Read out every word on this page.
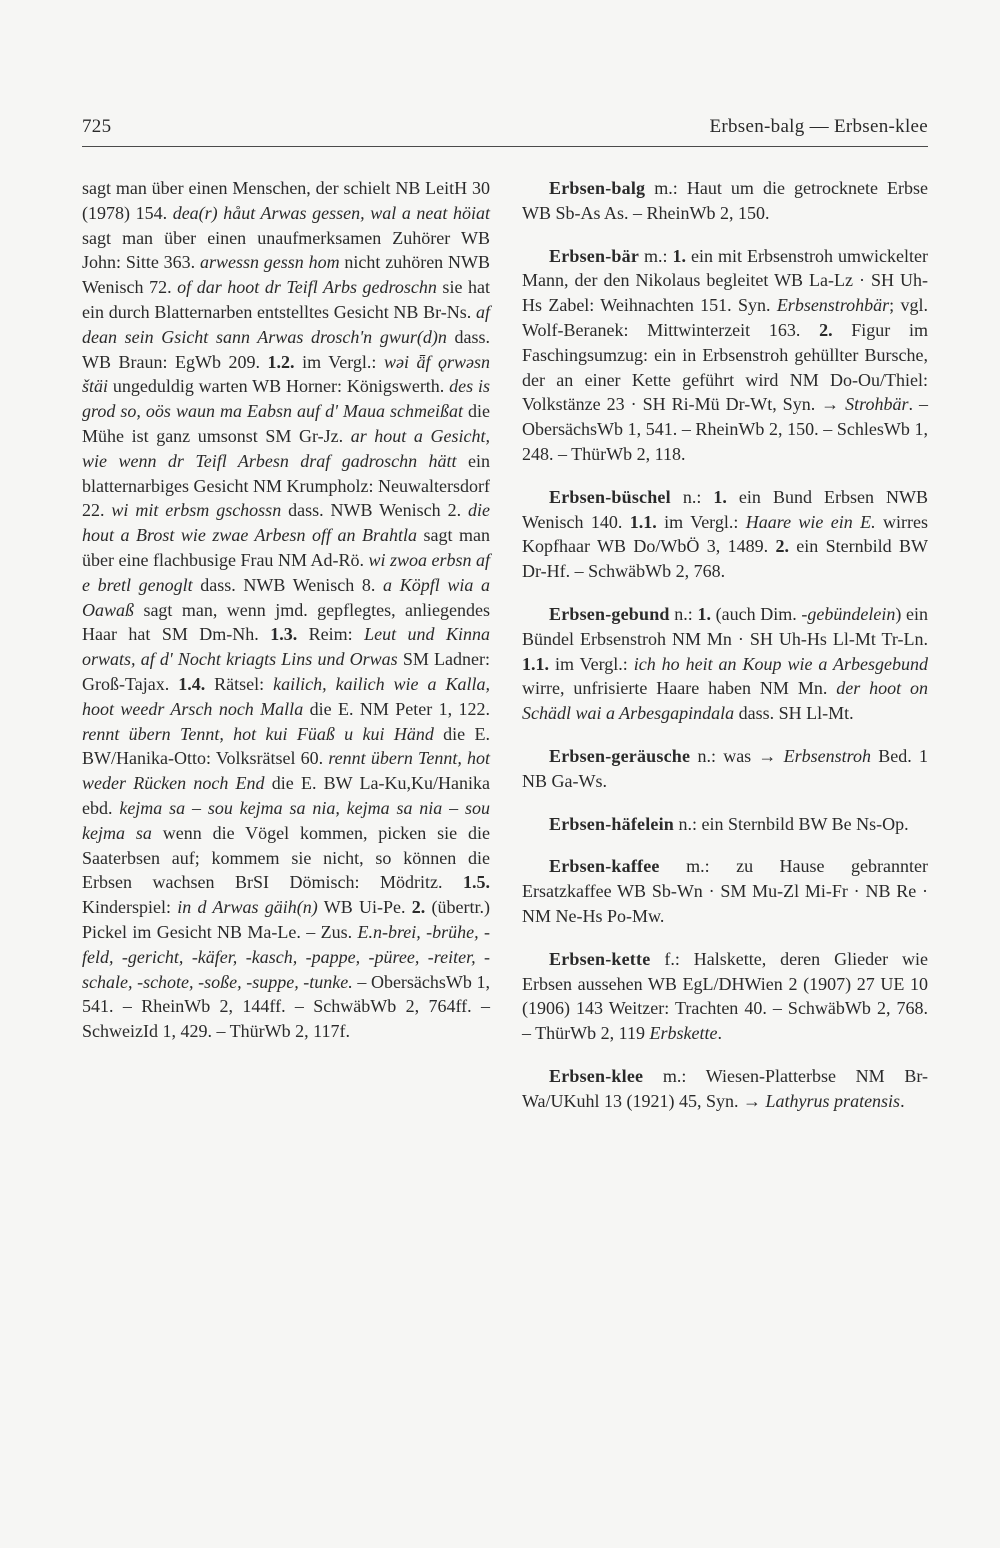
725	Erbsen-balg — Erbsen-klee

sagt man über einen Menschen, der schielt NB LeitH 30 (1978) 154. dea(r) håut Arwas gessen, wal a neat höiat sagt man über einen unaufmerksamen Zuhörer WB John: Sitte 363. arwessn gessn hom nicht zuhören NWB Wenisch 72. of dar hoot dr Teifl Arbs gedroschn sie hat ein durch Blatternarben entstelltes Gesicht NB Br-Ns. af dean sein Gsicht sann Arwas drosch'n gwur(d)n dass. WB Braun: EgWb 209. 1.2. im Vergl.: wǝi ǟf ǫrwǝsn štäi ungeduldig warten WB Horner: Königswerth. des is grod so, oös waun ma Eabsn auf d' Maua schmeißat die Mühe ist ganz umsonst SM Gr-Jz. ar hout a Gesicht, wie wenn dr Teifl Arbesn draf gadroschn hätt ein blatternarbiges Gesicht NM Krumpholz: Neuwaltersdorf 22. wi mit erbsm gschossn dass. NWB Wenisch 2. die hout a Brost wie zwae Arbesn off an Brahtla sagt man über eine flachbusige Frau NM Ad-Rö. wi zwoa erbsn af e bretl genoglt dass. NWB Wenisch 8. a Köpfl wia a Oawaß sagt man, wenn jmd. gepflegtes, anliegendes Haar hat SM Dm-Nh. 1.3. Reim: Leut und Kinna orwats, af d' Nocht kriagts Lins und Orwas SM Ladner: Groß-Tajax. 1.4. Rätsel: kailich, kailich wie a Kalla, hoot weedr Arsch noch Malla die E. NM Peter 1, 122. rennt übern Tennt, hot kui Füaß u kui Händ die E. BW/Hanika-Otto: Volksrätsel 60. rennt übern Tennt, hot weder Rücken noch End die E. BW La-Ku,Ku/Hanika ebd. kejma sa – sou kejma sa nia, kejma sa nia – sou kejma sa wenn die Vögel kommen, picken sie die Saaterbsen auf; kommem sie nicht, so können die Erbsen wachsen BrSI Dömisch: Mödritz. 1.5. Kinderspiel: in d Arwas gäih(n) WB Ui-Pe. 2. (übertr.) Pickel im Gesicht NB Ma-Le. – Zus. E.n-brei, -brühe, -feld, -gericht, -käfer, -kasch, -pappe, -püree, -reiter, -schale, -schote, -soße, -suppe, -tunke. – ObersächsWb 1, 541. – RheinWb 2, 144ff. – SchwäbWb 2, 764ff. – SchweizId 1, 429. – ThürWb 2, 117f.

Erbsen-balg m.: Haut um die getrocknete Erbse WB Sb-As As. – RheinWb 2, 150.

Erbsen-bär m.: 1. ein mit Erbsenstroh umwickelter Mann, der den Nikolaus begleitet WB La-Lz · SH Uh-Hs Zabel: Weihnachten 151. Syn. Erbsenstrohbär; vgl. Wolf-Beranek: Mittwinterzeit 163. 2. Figur im Faschingsumzug: ein in Erbsenstroh gehüllter Bursche, der an einer Kette geführt wird NM Do-Ou/Thiel: Volkstänze 23 · SH Ri-Mü Dr-Wt, Syn. → Strohbär. – ObersächsWb 1, 541. – RheinWb 2, 150. – SchlesWb 1, 248. – ThürWb 2, 118.

Erbsen-büschel n.: 1. ein Bund Erbsen NWB Wenisch 140. 1.1. im Vergl.: Haare wie ein E. wirres Kopfhaar WB Do/WbÖ 3, 1489. 2. ein Sternbild BW Dr-Hf. – SchwäbWb 2, 768.

Erbsen-gebund n.: 1. (auch Dim. -gebündelein) ein Bündel Erbsenstroh NM Mn · SH Uh-Hs Ll-Mt Tr-Ln. 1.1. im Vergl.: ich ho heit an Koup wie a Arbesgebund wirre, unfrisierte Haare haben NM Mn. der hoot on Schädl wai a Arbesgapindala dass. SH Ll-Mt.

Erbsen-geräusche n.: was → Erbsenstroh Bed. 1 NB Ga-Ws.

Erbsen-häfelein n.: ein Sternbild BW Be Ns-Op.

Erbsen-kaffee m.: zu Hause gebrannter Ersatzkaffee WB Sb-Wn · SM Mu-Zl Mi-Fr · NB Re · NM Ne-Hs Po-Mw.

Erbsen-kette f.: Halskette, deren Glieder wie Erbsen aussehen WB EgL/DHWien 2 (1907) 27 UE 10 (1906) 143 Weitzer: Trachten 40. – SchwäbWb 2, 768. – ThürWb 2, 119 Erbskette.

Erbsen-klee m.: Wiesen-Platterbse NM Br-Wa/UKuhl 13 (1921) 45, Syn. → Lathyrus pratensis.
